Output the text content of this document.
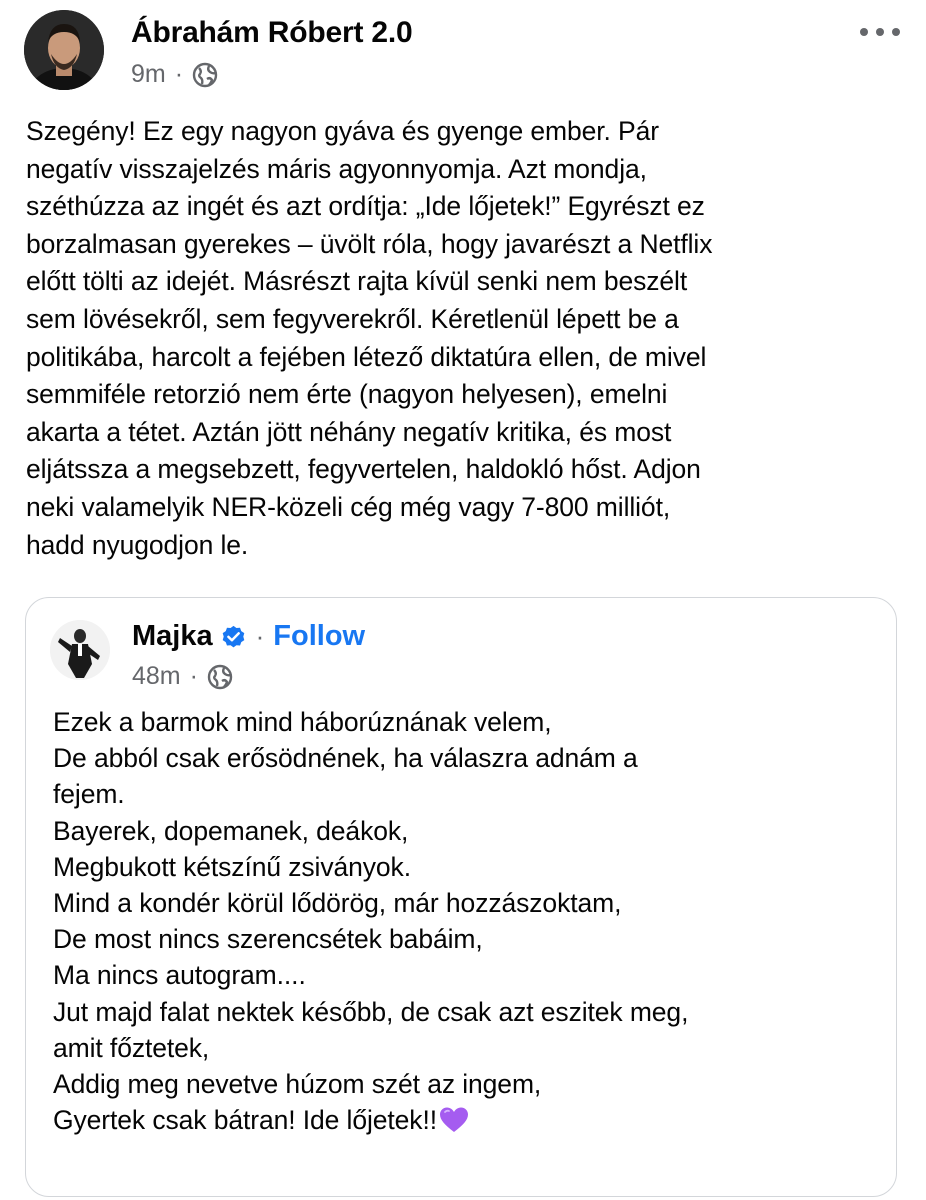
Ábrahám Róbert 2.0
9m ·
Szegény! Ez egy nagyon gyáva és gyenge ember. Pár
negatív visszajelzés máris agyonnyomja. Azt mondja,
széthúzza az ingét és azt ordítja: „Ide lőjetek!” Egyrészt ez
borzalmasan gyerekes – üvölt róla, hogy javarészt a Netflix
előtt tölti az idejét. Másrészt rajta kívül senki nem beszélt
sem lövésekről, sem fegyverekről. Kéretlenül lépett be a
politikába, harcolt a fejében létező diktatúra ellen, de mivel
semmiféle retorzió nem érte (nagyon helyesen), emelni
akarta a tétet. Aztán jött néhány negatív kritika, és most
eljátssza a megsebzett, fegyvertelen, haldokló hőst. Adjon
neki valamelyik NER-közeli cég még vagy 7-800 milliót,
hadd nyugodjon le.
Majka · Follow
48m ·
Ezek a barmok mind háborúznának velem,
De abból csak erősödnének, ha válaszra adnám a
fejem.
Bayerek, dopemanek, deákok,
Megbukott kétszínű zsiványok.
Mind a kondér körül lődörög, már hozzászoktam,
De most nincs szerencsétek babáim,
Ma nincs autogram....
Jut majd falat nektek később, de csak azt eszitek meg,
amit főztetek,
Addig meg nevetve húzom szét az ingem,
Gyertek csak bátran! Ide lőjetek!!
